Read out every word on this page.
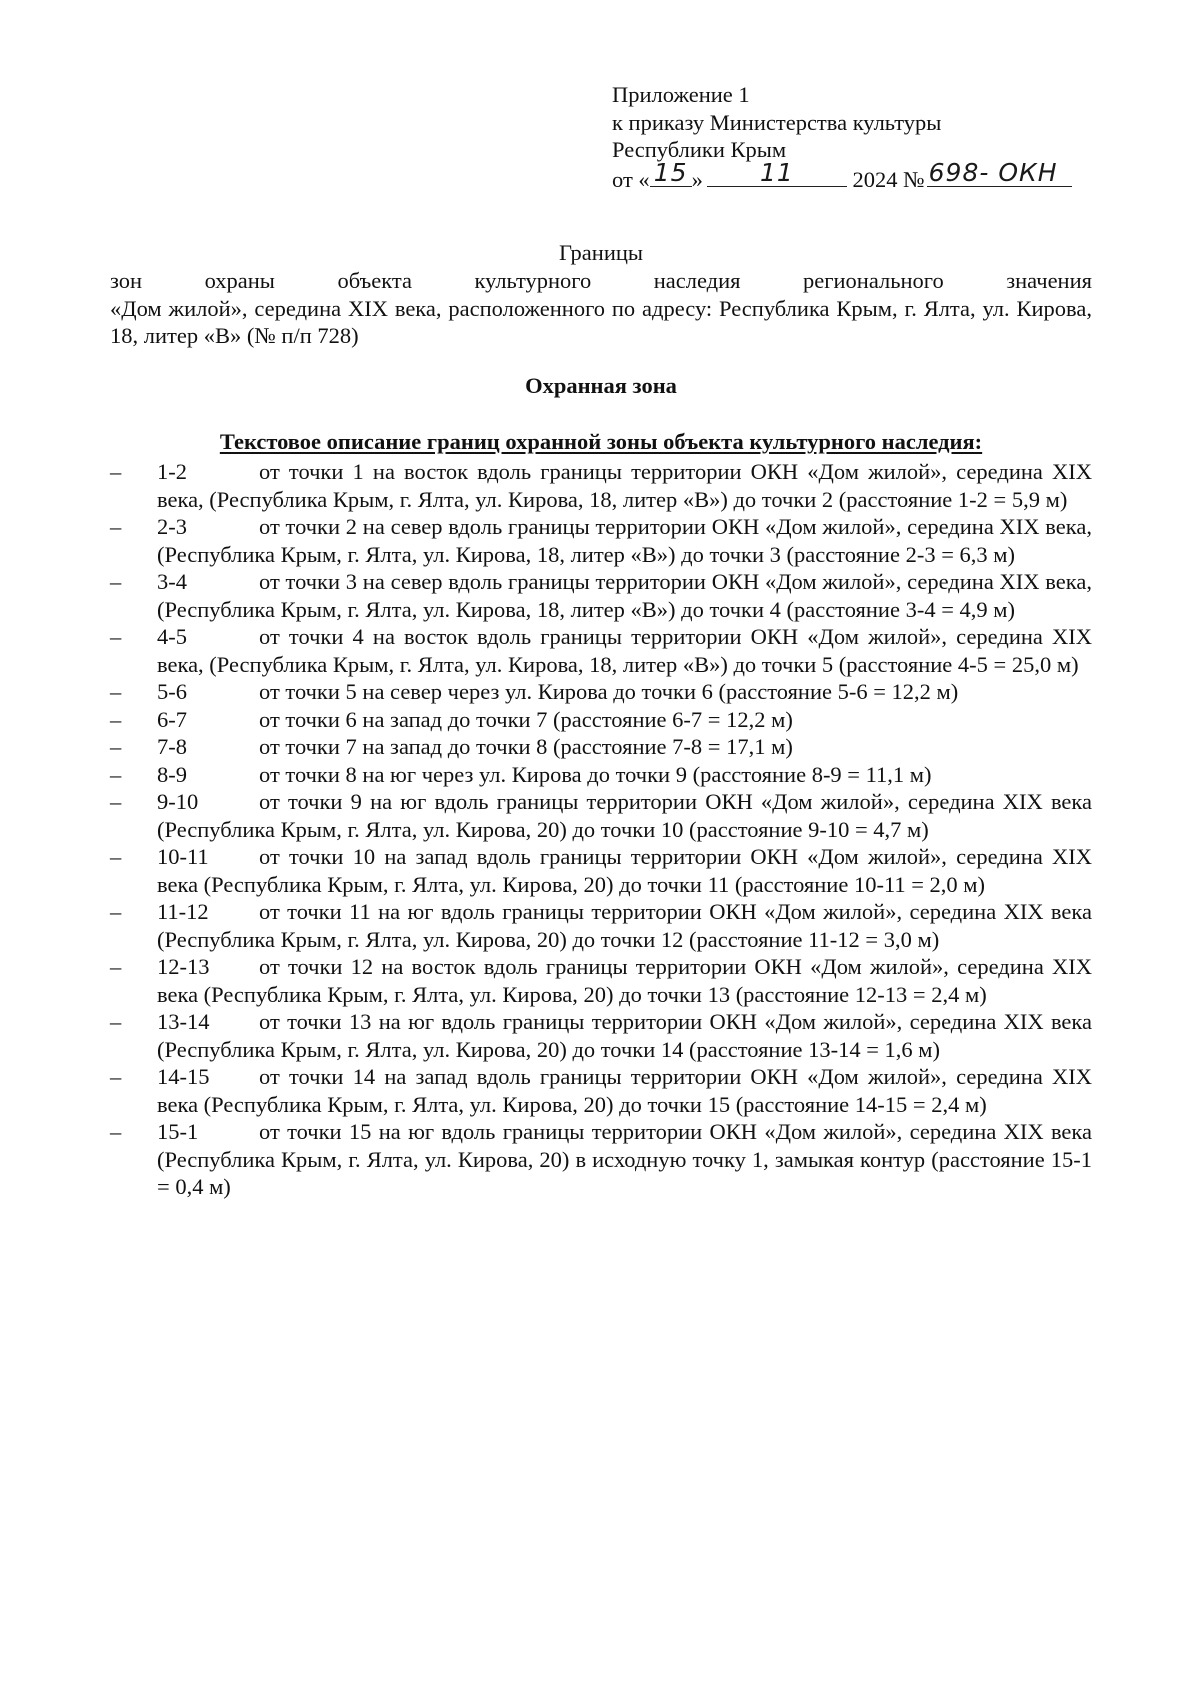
Приложение 1
к приказу Министерства культуры
Республики Крым
от « 15 »	11	2024 № 698- ОКН
Границы
зон охраны объекта культурного наследия регионального значения
«Дом жилой», середина XIX века, расположенного по адресу: Республика Крым, г. Ялта, ул. Кирова, 18, литер «В» (№ п/п 728)
Охранная зона
Текстовое описание границ охранной зоны объекта культурного наследия:
– 1-2	от точки 1 на восток вдоль границы территории ОКН «Дом жилой», середина XIX века, (Республика Крым, г. Ялта, ул. Кирова, 18, литер «В») до точки 2 (расстояние 1-2 = 5,9 м)
– 2-3	от точки 2 на север вдоль границы территории ОКН «Дом жилой», середина XIX века, (Республика Крым, г. Ялта, ул. Кирова, 18, литер «В») до точки 3 (расстояние 2-3 = 6,3 м)
– 3-4	от точки 3 на север вдоль границы территории ОКН «Дом жилой», середина XIX века, (Республика Крым, г. Ялта, ул. Кирова, 18, литер «В») до точки 4 (расстояние 3-4 = 4,9 м)
– 4-5	от точки 4 на восток вдоль границы территории ОКН «Дом жилой», середина XIX века, (Республика Крым, г. Ялта, ул. Кирова, 18, литер «В») до точки 5 (расстояние 4-5 = 25,0 м)
– 5-6	от точки 5 на север через ул. Кирова до точки 6 (расстояние 5-6 = 12,2 м)
– 6-7	от точки 6 на запад до точки 7 (расстояние 6-7 = 12,2 м)
– 7-8	от точки 7 на запад до точки 8 (расстояние 7-8 = 17,1 м)
– 8-9	от точки 8 на юг через ул. Кирова до точки 9 (расстояние 8-9 = 11,1 м)
– 9-10	от точки 9 на юг вдоль границы территории ОКН «Дом жилой», середина XIX века (Республика Крым, г. Ялта, ул. Кирова, 20) до точки 10 (расстояние 9-10 = 4,7 м)
– 10-11 от точки 10 на запад вдоль границы территории ОКН «Дом жилой», середина XIX века (Республика Крым, г. Ялта, ул. Кирова, 20) до точки 11 (расстояние 10-11 = 2,0 м)
– 11-12 от точки 11 на юг вдоль границы территории ОКН «Дом жилой», середина XIX века (Республика Крым, г. Ялта, ул. Кирова, 20) до точки 12 (расстояние 11-12 = 3,0 м)
– 12-13 от точки 12 на восток вдоль границы территории ОКН «Дом жилой», середина XIX века (Республика Крым, г. Ялта, ул. Кирова, 20) до точки 13 (расстояние 12-13 = 2,4 м)
– 13-14 от точки 13 на юг вдоль границы территории ОКН «Дом жилой», середина XIX века (Республика Крым, г. Ялта, ул. Кирова, 20) до точки 14 (расстояние 13-14 = 1,6 м)
– 14-15 от точки 14 на запад вдоль границы территории ОКН «Дом жилой», середина XIX века (Республика Крым, г. Ялта, ул. Кирова, 20) до точки 15 (расстояние 14-15 = 2,4 м)
– 15-1	от точки 15 на юг вдоль границы территории ОКН «Дом жилой», середина XIX века (Республика Крым, г. Ялта, ул. Кирова, 20) в исходную точку 1, замыкая контур (расстояние 15-1 = 0,4 м)
